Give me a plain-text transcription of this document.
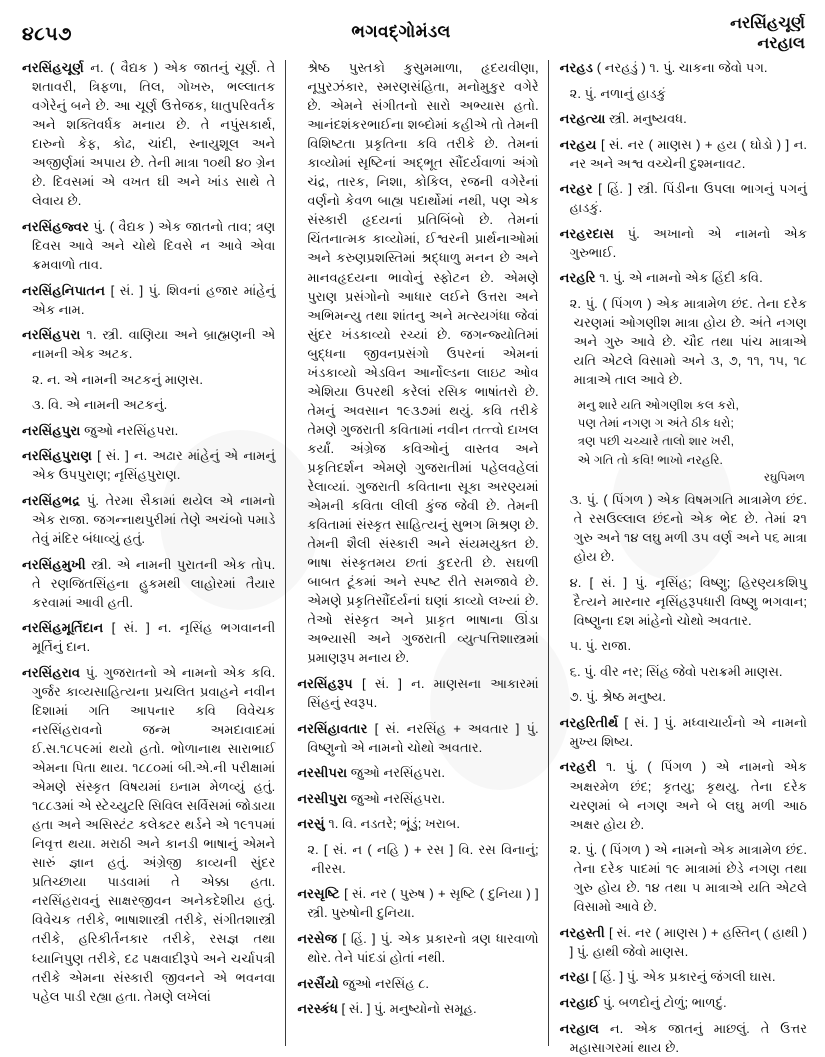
૪૮૫૭	ભગવદ્‌ગોમંડલ	નરસિંહચૂર્ણ
નરહાલ

નરસિંહચૂર્ણ ન. ( વૈદ્યક ) એક જાતનું ચૂર્ણ. તે શતાવરી, ત્રિફળા, તિલ, ગોખરુ, ભલ્લાતક વગેરેનું બને છે. આ ચૂર્ણ ઉત્તેજક, ધાતુપરિવર્તક અને શક્તિવર્ધક મનાય છે. તે નપુંસકાર્થ, દારુનો કેફ, કોઢ, ચાંદી, સ્નાયુશૂલ અને અજીર્ણમાં અપાય છે. તેની માત્રા ૧૦થી ૪૦ ગ્રેન છે. દિવસમાં એ વખત ઘી અને ખાંડ સાથે તે લેવાય છે.

નરસિંહજ્વર પું. ( વૈદ્યક ) એક જાતનો તાવ; ત્રણ દિવસ આવે અને ચોથે દિવસે ન આવે એવા ક્રમવાળો તાવ.

નરસિંહનિપાતન [ સં. ] પું. શિવનાં હજાર માંહેનું એક નામ.

નરસિંહપરા ૧. સ્ત્રી. વાણિયા અને બ્રાહ્મણની એ નામની એક અટક.

૨. ન. એ નામની અટકનું માણસ.

૩. વિ. એ નામની અટકનું.

નરસિંહપુરા જુઓ નરસિંહપરા.

નરસિંહપુરાણ [ સં. ] ન. અઢાર માંહેનું એ નામનું એક ઉપપુરાણ; નૃસિંહપુરાણ.

નરસિંહભદ્ર પું. તેરમા સૈકામાં થયેલ એ નામનો એક રાજા. જગન્નાથપુરીમાં તેણે અચંબો પમાડે તેવું મંદિર બંધાવ્યું હતું.

નરસિંહમુખી સ્ત્રી. એ નામની પુરાતની એક તોપ. તે રણજિતસિંહના હુકમથી લાહોરમાં તૈયાર કરવામાં આવી હતી.

નરસિંહમૂર્તિદાન [ સં. ] ન. નૃસિંહ ભગવાનની મૂર્તિનું દાન.

નરસિંહરાવ પું. ગુજરાતનો એ નામનો એક કવિ. ગુર્જર કાવ્યસાહિત્યના પ્રચલિત પ્રવાહને નવીન દિશામાં ગતિ આપનાર કવિ વિવેચક નરસિંહરાવનો જન્મ અમદાવાદમાં ઈ.સ.૧૮૫૯માં થયો હતો. ભોળાનાથ સારાભાઈ એમના પિતા થાય. ૧૮૮૦માં બી.એ.ની પરીક્ષામાં એમણે સંસ્કૃત વિષયમાં ઇનામ મેળવ્યું હતું. ૧૮૮૩માં એ સ્ટેચ્યુટરિ સિવિલ સર્વિસમાં જોડાયા હતા અને અસિસ્ટંટ કલેક્ટર થર્ડને એ ૧૯૧૫માં નિવૃત્ત થયા. મરાઠી અને કાનડી ભાષાનું એમને સારું જ્ઞાન હતું. અંગ્રેજી કાવ્યની સુંદર પ્રતિચ્છાયા પાડવામાં તે એક્કા હતા. નરસિંહરાવનું સાક્ષરજીવન અનેકદેશીય હતું. વિવેચક તરીકે, ભાષાશાસ્ત્રી તરીકે, સંગીતશાસ્ત્રી તરીકે, હરિકીર્તનકાર તરીકે, રસજ્ઞ તથા ધ્યાનિપુણ તરીકે, દઢ પક્ષવાદીરૂપે અને ચર્ચાપત્રી તરીકે એમના સંસ્કારી જીવનને એ ભવનવા પહેલ પાડી રહ્યા હતા. તેમણે લખેલાં

શ્રેષ્ઠ પુસ્તકો કુસુમમાળા, હૃદયવીણા, નૂપુરઝંકાર, સ્મરણસંહિતા, મનોમુકુર વગેરે છે. એમને સંગીતનો સારો અભ્યાસ હતો. આનંદશંકરભાઈના શબ્દોમાં કહીએ તો તેમની વિશિષ્ટતા પ્રકૃતિના કવિ તરીકે છે. તેમનાં કાવ્યોમાં સૃષ્ટિનાં અદ્‌ભૂત સૌંદર્યવાળાં અંગો ચંદ્ર, તારક, નિશા, કોકિલ, રજની વગેરેનાં વર્ણનો કેવળ બાહ્ય પદાર્થોમાં નથી, પણ એક સંસ્કારી હૃદયનાં પ્રતિબિંબો છે. તેમનાં ચિંતનાત્મક કાવ્યોમાં, ઈશ્વરની પ્રાર્થનાઓમાં અને કરુણપ્રશસ્તિમાં શ્રદ્ધાળુ મનન છે અને માનવહૃદયના ભાવોનું સ્ફોટન છે. એમણે પુરાણ પ્રસંગોનો આધાર લઈને ઉત્તરા અને અભિમન્યુ તથા શાંતનુ અને મત્સ્યગંધા જેવાં સુંદર ખંડકાવ્યો રચ્યાં છે. જગન્જ્યોતિમાં બુદ્ધના જીવનપ્રસંગો ઉપરનાં એમનાં ખંડકાવ્યો એડવિન આર્નોલ્ડના લાઇટ ઓવ એશિયા ઉપરથી કરેલાં રસિક ભાષાંતરો છે. તેમનું અવસાન ૧૯૩૭માં થયું. કવિ તરીકે તેમણે ગુજરાતી કવિતામાં નવીન તત્ત્વો દાખલ કર્યાં. અંગ્રેજ કવિઓનું વાસ્તવ અને પ્રકૃતિદર્શન એમણે ગુજરાતીમાં પહેલવહેલાં રેલાવ્યાં. ગુજરાતી કવિતાના સૂકા અરણ્યમાં એમની કવિતા લીલી કુંજ જેવી છે. તેમની કવિતામાં સંસ્કૃત સાહિત્યનું સુભગ મિશ્રણ છે. તેમની શૈલી સંસ્કારી અને સંયમયુક્ત છે. ભાષા સંસ્કૃતમય છતાં કુદરતી છે. સઘળી બાબત ટૂંકમાં અને સ્પષ્ટ રીતે સમજાવે છે. એમણે પ્રકૃતિસૌંદર્યનાં ઘણાં કાવ્યો લખ્યાં છે. તેઓ સંસ્કૃત અને પ્રાકૃત ભાષાના ઊંડા અભ્યાસી અને ગુજરાતી વ્યુત્પત્તિશાસ્ત્રમાં પ્રમાણરૂપ મનાય છે.

નરસિંહરૂપ [ સં. ] ન. માણસના આકારમાં સિંહનું સ્વરૂપ.

નરસિંહાવતાર [ સં. નરસિંહ + અવતાર ] પું. વિષ્ણુનો એ નામનો ચોથો અવતાર.

નરસીપરા જુઓ નરસિંહપરા.

નરસીપુરા જુઓ નરસિંહપરા.

નરસું ૧. વિ. નડતરે; ભૂંડું; ખરાબ.

૨. [ સં. ન ( નહિ ) + રસ ] વિ. રસ વિનાનું; નીરસ.

નરસૃષ્ટિ [ સં. નર ( પુરુષ ) + સૃષ્ટિ ( દુનિયા ) ] સ્ત્રી. પુરુષોની દુનિયા.

નરસેજ [ હિં. ] પું. એક પ્રકારનો ત્રણ ધારવાળો થોર. તેને પાંદડાં હોતાં નથી.

નરસૈંયો જુઓ નરસિંહ ૮.

નરસ્કંધ [ સં. ] પું. મનુષ્યોનો સમૂહ.

નરહડ ( નરહડું ) ૧. પું. ચાકના જેવો પગ.

૨. પું. નળાનું હાડકું

નરહત્યા સ્ત્રી. મનુષ્યવધ.

નરહય [ સં. નર ( માણસ ) + હય ( ઘોડો ) ] ન. નર અને અશ્વ વચ્ચેની દુશ્મનાવટ.

નરહર [ હિં. ] સ્ત્રી. પિંડીના ઉપલા ભાગનું પગનું હાડકું.

નરહરદાસ પું. અખાનો એ નામનો એક ગુરુભાઈ.

નરહરિ ૧. પું. એ નામનો એક હિંદી કવિ.

૨. પું. ( પિંગળ ) એક માત્રામેળ છંદ. તેના દરેક ચરણમાં ઓગણીશ માત્રા હોય છે. અંતે નગણ અને ગુરુ આવે છે. ચૌદ તથા પાંચ માત્રાએ યતિ એટલે વિસામો અને ૩, ૭, ૧૧, ૧૫, ૧૮ માત્રાએ તાલ આવે છે.

મનુ શારે યતિ ઓગણીશ કલ કરો,
પણ તેમાં નગણ ગ અંતે ઠીક ધરો;
ત્રણ પછી ચચ્ચારે તાલો શાર ખરી,
એ ગતિ તો કવિ! ભાખો નરહરિ.
રઘુપિમળ

૩. પું. ( પિંગળ ) એક વિષમગતિ માત્રામેળ છંદ. તે રસઉલ્લાલ છંદનો એક ભેદ છે. તેમાં ૨૧ ગુરુ અને ૧૪ લઘુ મળી ૩૫ વર્ણ અને ૫૬ માત્રા હોય છે.

૪. [ સં. ] પું. નૃસિંહ; વિષ્ણુ; હિરણ્યકશિપુ દૈત્યને મારનાર નૃસિંહરૂપધારી વિષ્ણુ ભગવાન; વિષ્ણુના દશ માંહેનો ચોથો અવતાર.

૫. પું. રાજા.

૬. પું. વીર નર; સિંહ જેવો પરાક્રમી માણસ.

૭. પું. શ્રેષ્ઠ મનુષ્ય.

નરહરિતીર્થ [ સં. ] પું. મધ્વાચાર્યનો એ નામનો મુખ્ય શિષ્ય.

નરહરી ૧. પું. ( પિંગળ ) એ નામનો એક અક્ષરમેળ છંદ; કૃતયુ; કૃથયુ. તેના દરેક ચરણમાં બે નગણ અને બે લઘુ મળી આઠ અક્ષર હોય છે.

૨. પું. ( પિંગળ ) એ નામનો એક માત્રામેળ છંદ. તેના દરેક પાદમાં ૧૯ માત્રામાં છેડે નગણ તથા ગુરુ હોય છે. ૧૪ તથા ૫ માત્રાએ યતિ એટલે વિસામો આવે છે.

નરહસ્તી [ સં. નર ( માણસ ) + હસ્તિન્ ( હાથી ) ] પું. હાથી જેવો માણસ.

નરહા [ હિં. ] પું. એક પ્રકારનું જંગલી ઘાસ.

નરહાઈ પું. બળદોનું ટોળું; ભાળદું.

નરહાલ ન. એક જાતનું માછલું. તે ઉત્તર મહાસાગરમાં થાય છે.
